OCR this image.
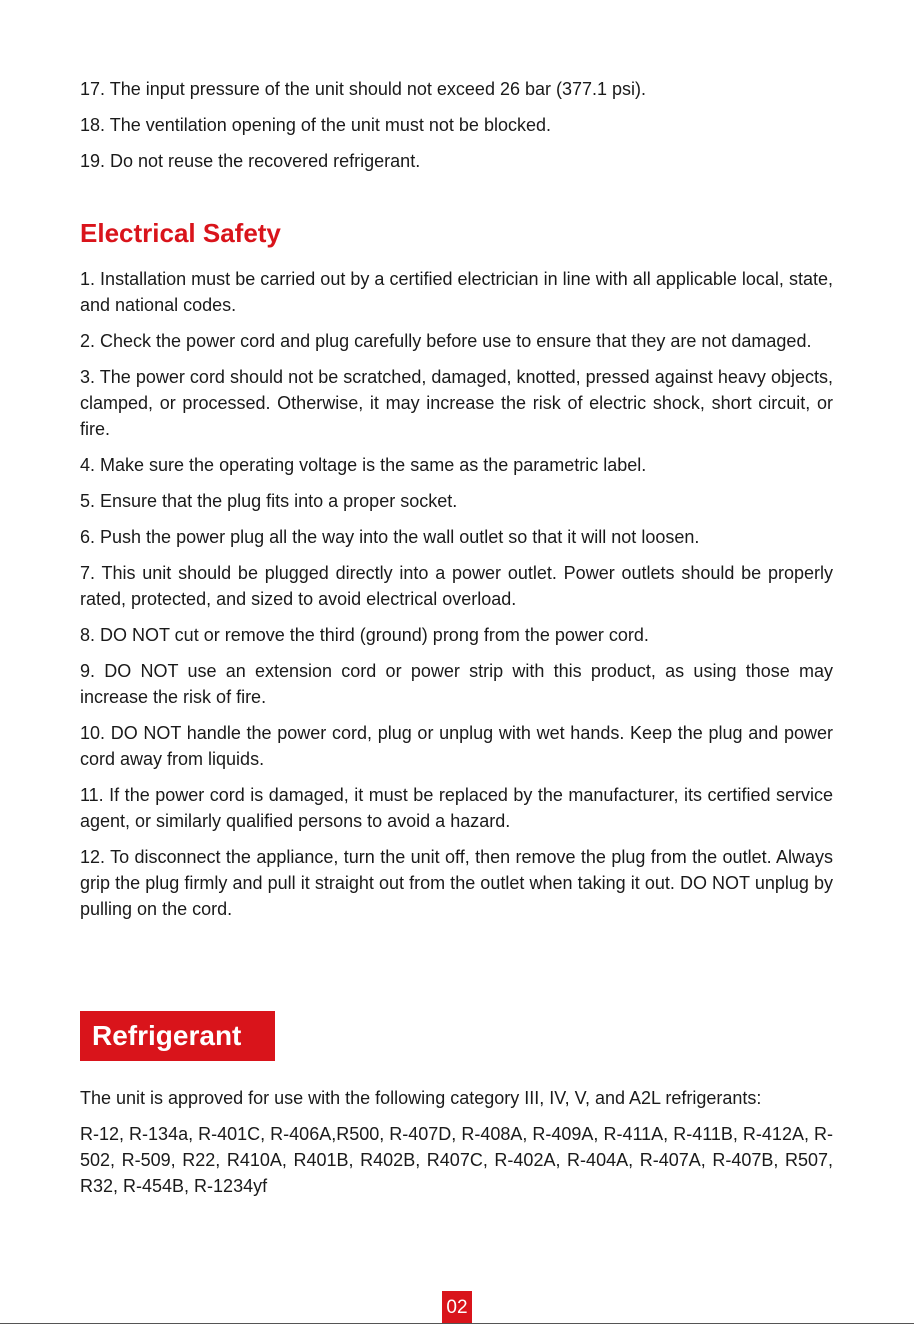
17. The input pressure of the unit should not exceed 26 bar (377.1 psi).

18. The ventilation opening of the unit must not be blocked.

19. Do not reuse the recovered refrigerant.

Electrical Safety

1. Installation must be carried out by a certified electrician in line with all applicable local, state, and national codes.

2. Check the power cord and plug carefully before use to ensure that they are not damaged.

3. The power cord should not be scratched, damaged, knotted, pressed against heavy objects, clamped, or processed. Otherwise, it may increase the risk of electric shock, short circuit, or fire.

4. Make sure the operating voltage is the same as the parametric label.

5. Ensure that the plug fits into a proper socket.

6. Push the power plug all the way into the wall outlet so that it will not loosen.

7. This unit should be plugged directly into a power outlet. Power outlets should be properly rated, protected, and sized to avoid electrical overload.

8. DO NOT cut or remove the third (ground) prong from the power cord.

9. DO NOT use an extension cord or power strip with this product, as using those may increase the risk of fire.

10. DO NOT handle the power cord, plug or unplug with wet hands. Keep the plug and power cord away from liquids.

11. If the power cord is damaged, it must be replaced by the manufacturer, its certified service agent, or similarly qualified persons to avoid a hazard.

12. To disconnect the appliance, turn the unit off, then remove the plug from the outlet. Always grip the plug firmly and pull it straight out from the outlet when taking it out. DO NOT unplug by pulling on the cord.

Refrigerant

The unit is approved for use with the following category III, IV, V, and A2L refrigerants:

R-12, R-134a, R-401C, R-406A,R500, R-407D, R-408A, R-409A, R-411A, R-411B, R-412A, R-502, R-509, R22, R410A, R401B, R402B, R407C, R-402A, R-404A, R-407A, R-407B, R507, R32, R-454B, R-1234yf

02
